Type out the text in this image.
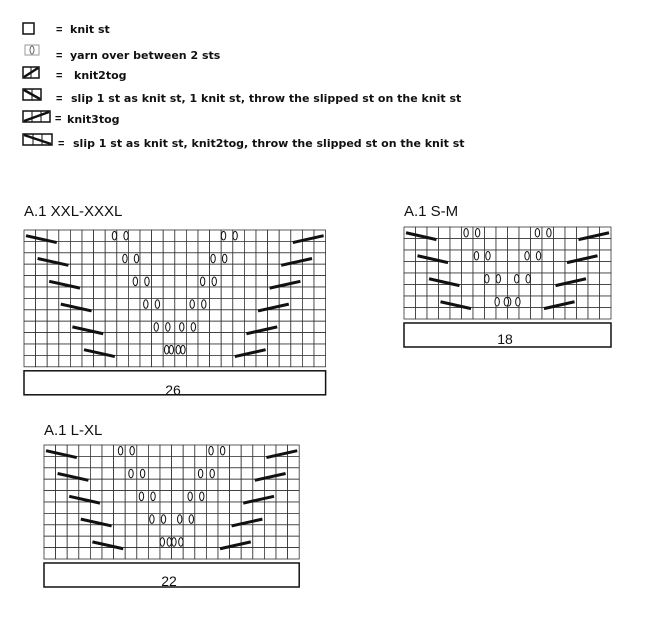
= knit st
= yarn over between 2 sts
= knit2tog
= slip 1 st as knit st, 1 knit st, throw the slipped st on the knit st
= knit3tog
= slip 1 st as knit st, knit2tog, throw the slipped st on the knit st
A.1 XXL-XXXL
26
A.1 S-M
18
A.1 L-XL
22
